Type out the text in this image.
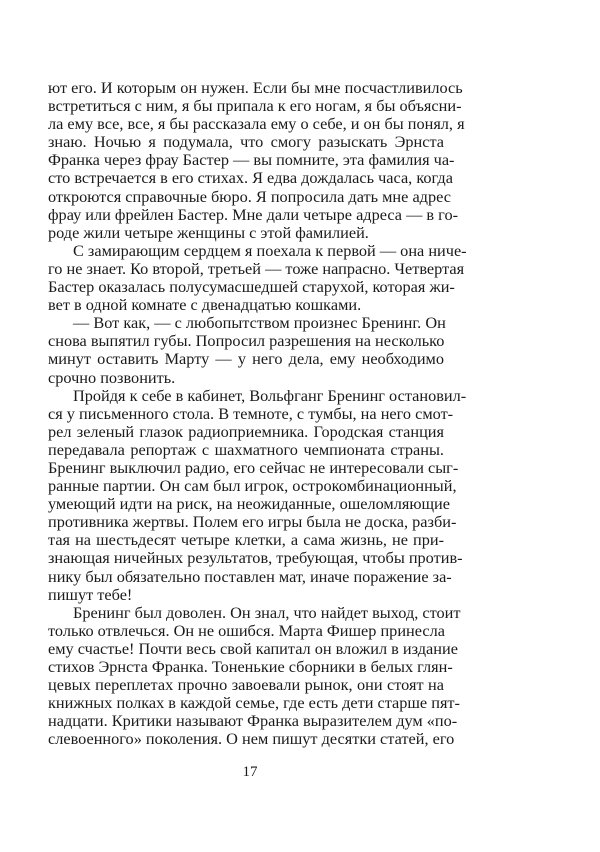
ют его. И которым он нужен. Если бы мне посчастливилось
встретиться с ним, я бы припала к его ногам, я бы объясни-
ла ему все, все, я бы рассказала ему о себе, и он бы понял, я
знаю. Ночью я подумала, что смогу разыскать Эрнста
Франка через фрау Бастер — вы помните, эта фамилия ча-
сто встречается в его стихах. Я едва дождалась часа, когда
откроются справочные бюро. Я попросила дать мне адрес
фрау или фрейлен Бастер. Мне дали четыре адреса — в го-
роде жили четыре женщины с этой фамилией.
С замирающим сердцем я поехала к первой — она ниче-
го не знает. Ко второй, третьей — тоже напрасно. Четвертая
Бастер оказалась полусумасшедшей старухой, которая жи-
вет в одной комнате с двенадцатью кошками.
— Вот как, — с любопытством произнес Бренинг. Он
снова выпятил губы. Попросил разрешения на несколько
минут оставить Марту — у него дела, ему необходимо
срочно позвонить.
Пройдя к себе в кабинет, Вольфганг Бренинг остановил-
ся у письменного стола. В темноте, с тумбы, на него смот-
рел зеленый глазок радиоприемника. Городская станция
передавала репортаж с шахматного чемпионата страны.
Бренинг выключил радио, его сейчас не интересовали сыг-
ранные партии. Он сам был игрок, острокомбинационный,
умеющий идти на риск, на неожиданные, ошеломляющие
противника жертвы. Полем его игры была не доска, разби-
тая на шестьдесят четыре клетки, а сама жизнь, не при-
знающая ничейных результатов, требующая, чтобы против-
нику был обязательно поставлен мат, иначе поражение за-
пишут тебе!
Бренинг был доволен. Он знал, что найдет выход, стоит
только отвлечься. Он не ошибся. Марта Фишер принесла
ему счастье! Почти весь свой капитал он вложил в издание
стихов Эрнста Франка. Тоненькие сборники в белых глян-
цевых переплетах прочно завоевали рынок, они стоят на
книжных полках в каждой семье, где есть дети старше пят-
надцати. Критики называют Франка выразителем дум «по-
слевоенного» поколения. О нем пишут десятки статей, его
17
